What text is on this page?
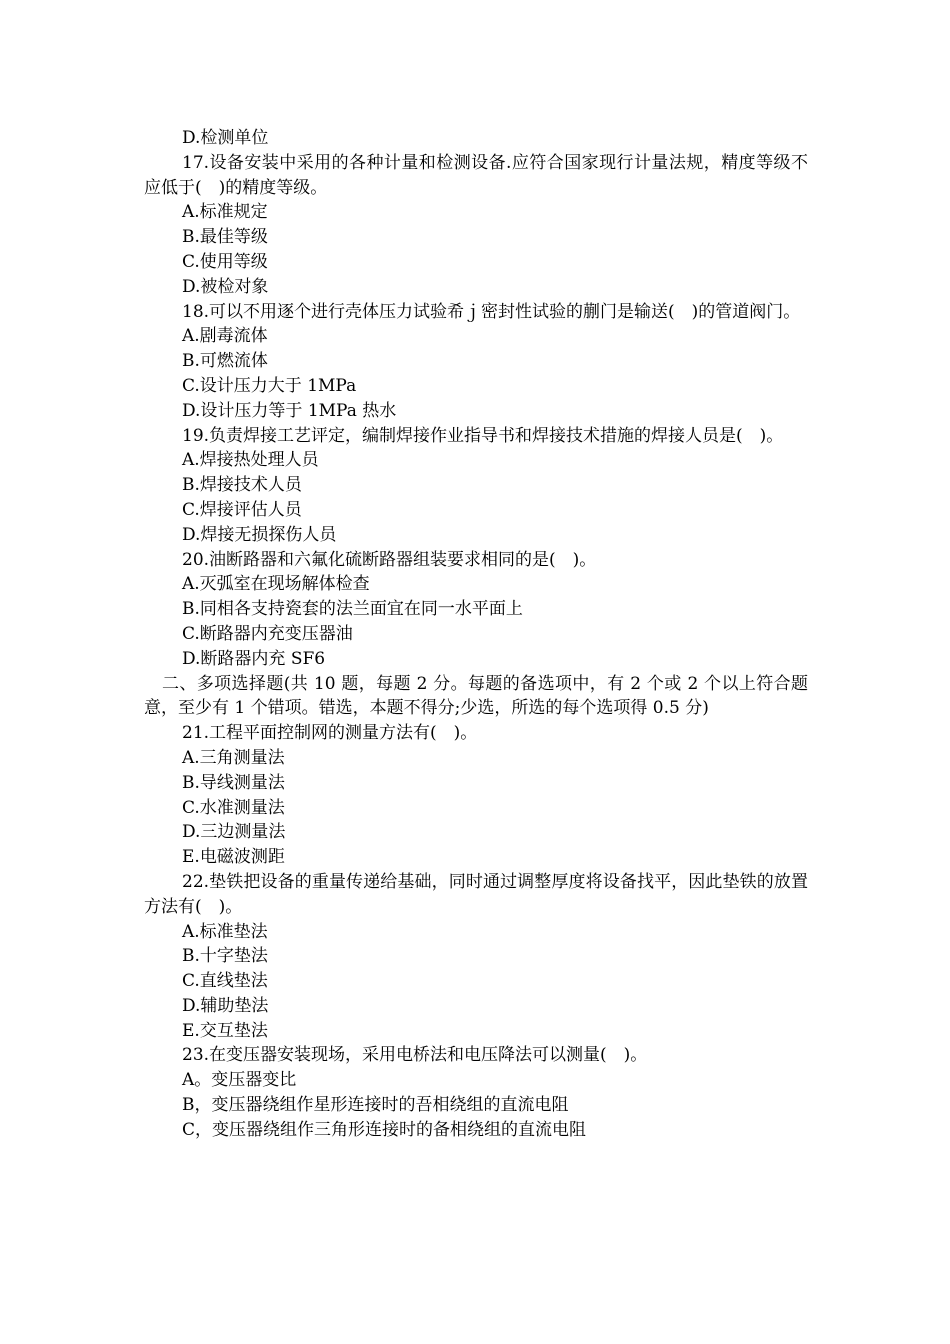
D.检测单位
17.设备安装中采用的各种计量和检测设备.应符合国家现行计量法规，精度等级不应低于(　)的精度等级。
A.标准规定
B.最佳等级
C.使用等级
D.被检对象
18.可以不用逐个进行壳体压力试验希ｊ密封性试验的蒯门是输送(　)的管道阀门。
A.剧毒流体
B.可燃流体
C.设计压力大于 1MPa
D.设计压力等于 1MPa 热水
19.负责焊接工艺评定，编制焊接作业指导书和焊接技术措施的焊接人员是(　)。
A.焊接热处理人员
B.焊接技术人员
C.焊接评估人员
D.焊接无损探伤人员
20.油断路器和六氟化硫断路器组装要求相同的是(　)。
A.灭弧室在现场解体检查
B.同相各支持瓷套的法兰面宜在同一水平面上
C.断路器内充变压器油
D.断路器内充 SF6
二、多项选择题(共 10 题，每题 2 分。每题的备选项中，有 2 个或 2 个以上符合题意，至少有 1 个错项。错选，本题不得分;少选，所选的每个选项得 0.5 分)
21.工程平面控制网的测量方法有(　)。
A.三角测量法
B.导线测量法
C.水准测量法
D.三边测量法
E.电磁波测距
22.垫铁把设备的重量传递给基础，同时通过调整厚度将设备找平，因此垫铁的放置方法有(　)。
A.标准垫法
B.十字垫法
C.直线垫法
D.辅助垫法
E.交互垫法
23.在变压器安装现场，采用电桥法和电压降法可以测量(　)。
A。变压器变比
B，变压器绕组作星形连接时的吾相绕组的直流电阻
C，变压器绕组作三角形连接时的备相绕组的直流电阻
